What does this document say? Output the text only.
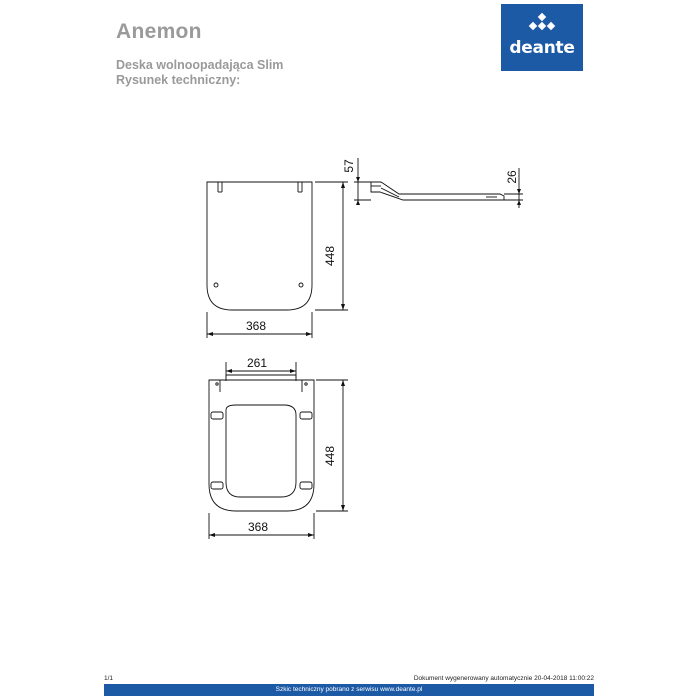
Anemon
Deska wolnoopadająca Slim
Rysunek techniczny:
deante
448
368
57
26
261
448
368
1/1	Dokument wygenerowany automatycznie 20-04-2018 11:00:22
Szkic techniczny pobrano z serwisu www.deante.pl
